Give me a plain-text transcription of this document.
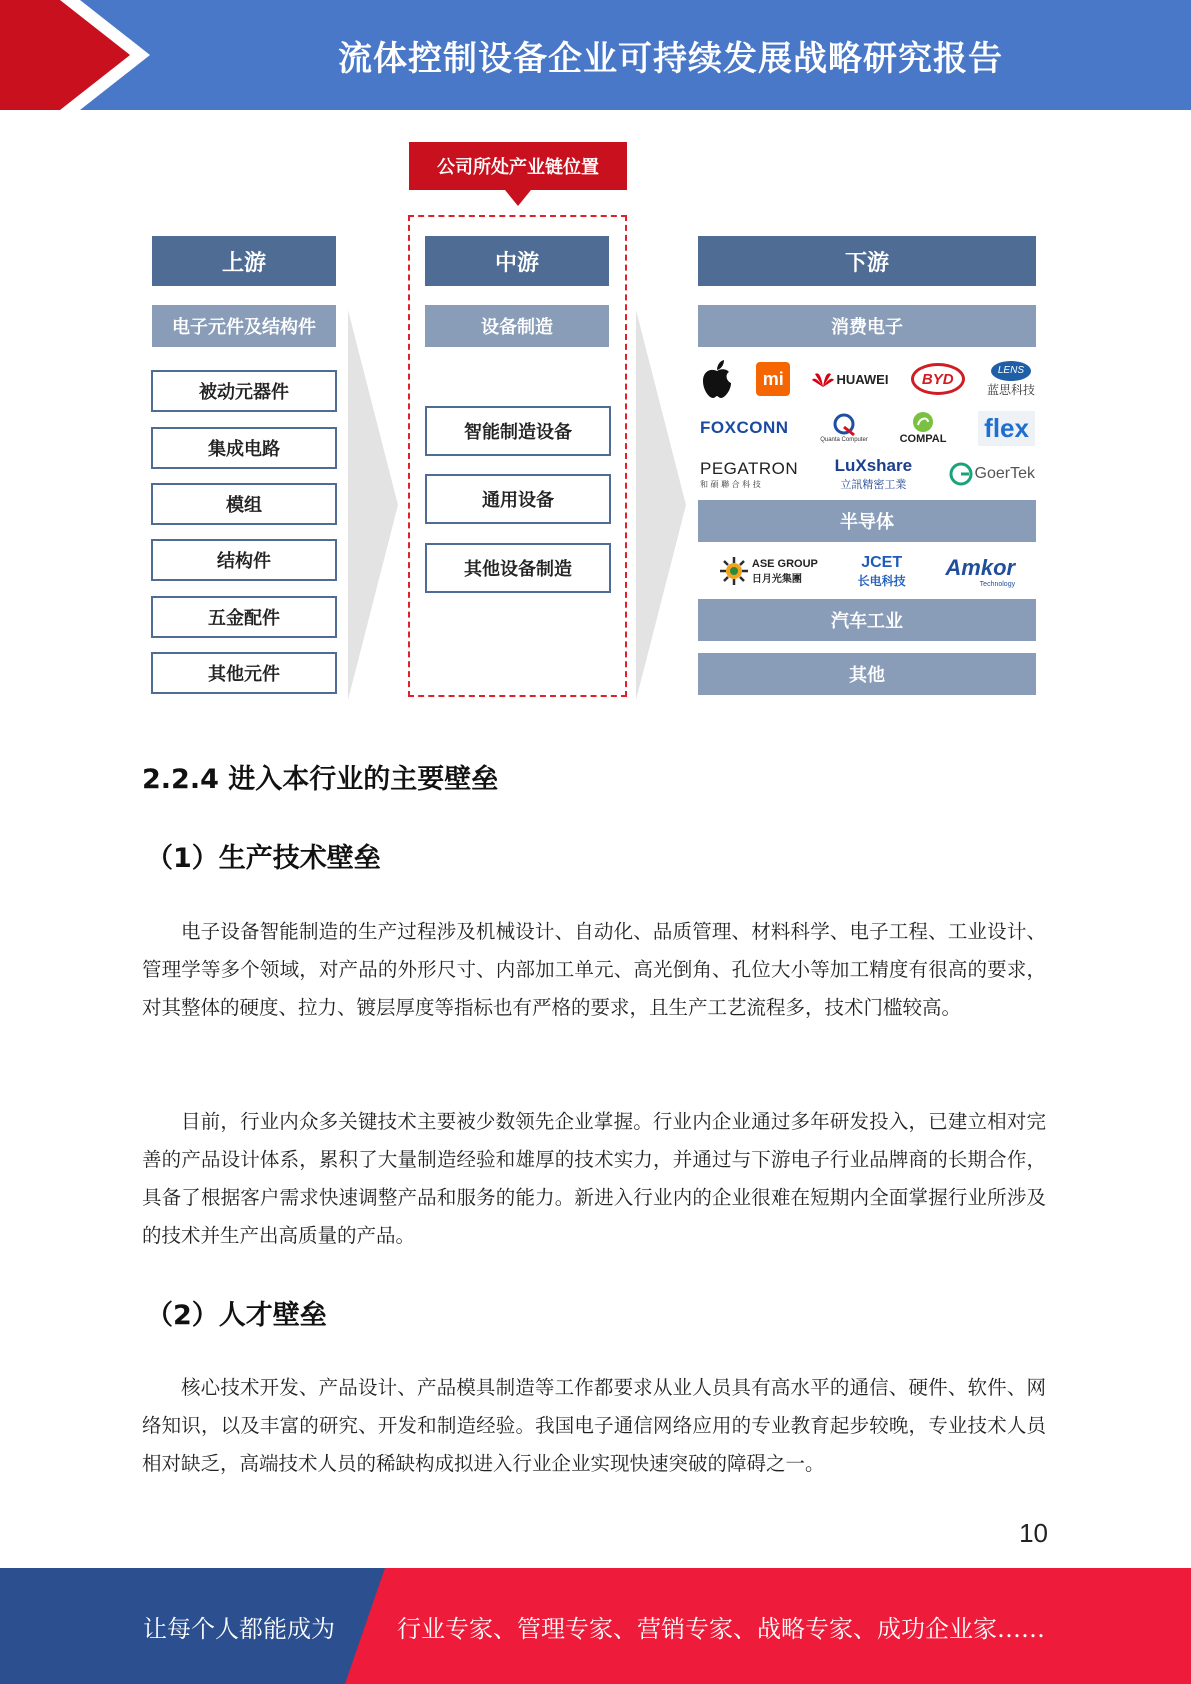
流体控制设备企业可持续发展战略研究报告
公司所处产业链位置
上游
电子元件及结构件
被动元器件
集成电路
模组
结构件
五金配件
其他元件
中游
设备制造
智能制造设备
通用设备
其他设备制造
下游
消费电子
mi	HUAWEI	BYD	LENS
蓝思科技
FOXCONN
Quanta Computer	COMPAL flex
PEGATRON
和 碩 聯 合 科 技
LuXshare
立訊精密工業
GoerTek
半导体
ASE GROUP
日月光集團
JCET
长电科技
Amkor
Technology
汽车工业
其他
2.2.4 进入本行业的主要壁垒
（1）生产技术壁垒

电子设备智能制造的生产过程涉及机械设计、自动化、品质管理、材料科学、电子工程、工业设计、管理学等多个领域，对产品的外形尺寸、内部加工单元、高光倒角、孔位大小等加工精度有很高的要求，对其整体的硬度、拉力、镀层厚度等指标也有严格的要求，且生产工艺流程多，技术门槛较高。

目前，行业内众多关键技术主要被少数领先企业掌握。行业内企业通过多年研发投入，已建立相对完善的产品设计体系，累积了大量制造经验和雄厚的技术实力，并通过与下游电子行业品牌商的长期合作，具备了根据客户需求快速调整产品和服务的能力。新进入行业内的企业很难在短期内全面掌握行业所涉及的技术并生产出高质量的产品。

（2）人才壁垒

核心技术开发、产品设计、产品模具制造等工作都要求从业人员具有高水平的通信、硬件、软件、网络知识，以及丰富的研究、开发和制造经验。我国电子通信网络应用的专业教育起步较晚，专业技术人员相对缺乏，高端技术人员的稀缺构成拟进入行业企业实现快速突破的障碍之一。

10
让每个人都能成为	行业专家、管理专家、营销专家、战略专家、成功企业家……
